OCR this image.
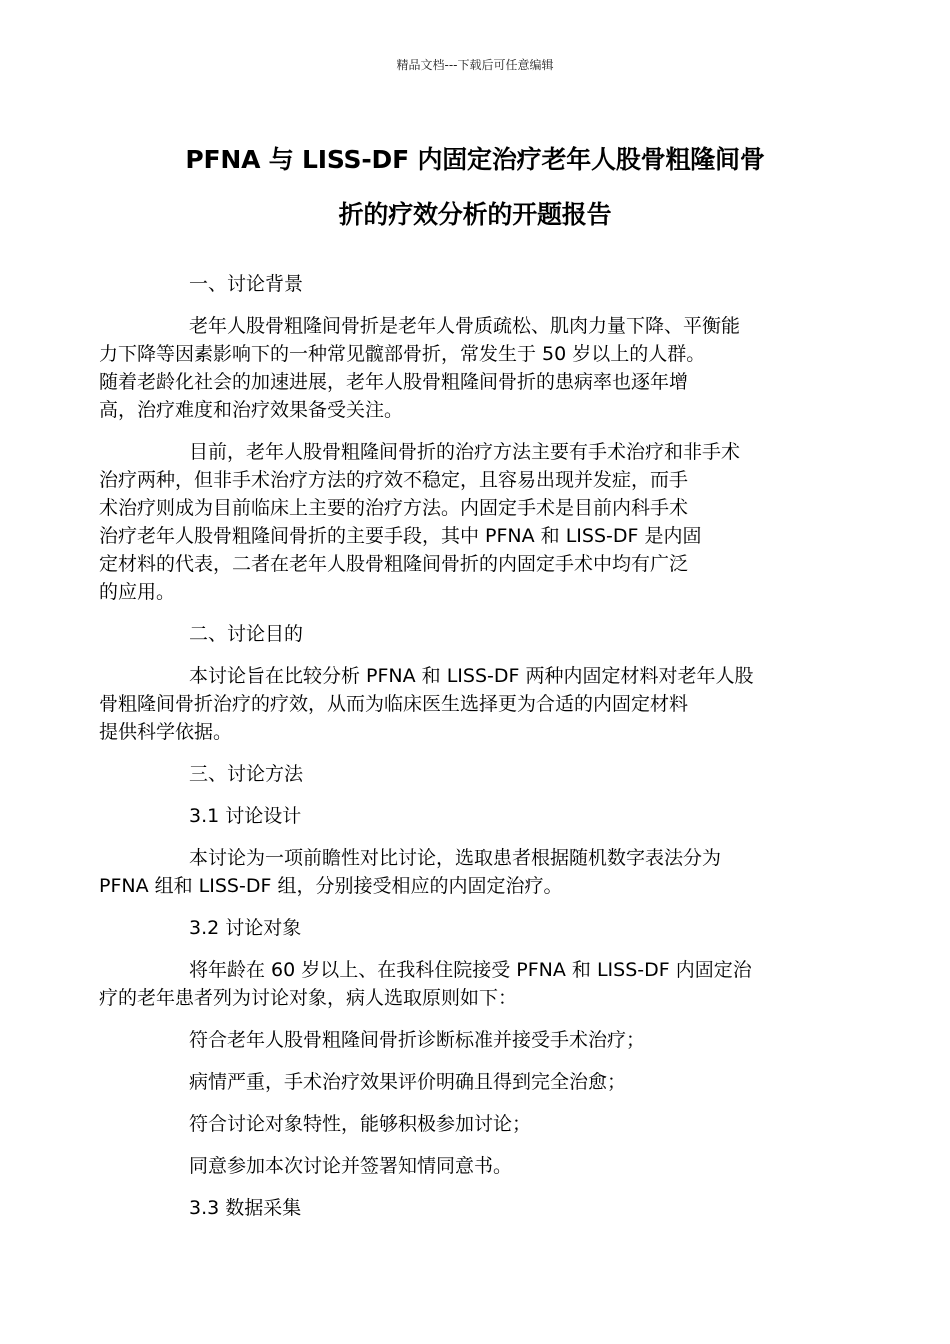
精品文档---下载后可任意编辑
PFNA 与 LISS-DF 内固定治疗老年人股骨粗隆间骨
折的疗效分析的开题报告
一、讨论背景
老年人股骨粗隆间骨折是老年人骨质疏松、肌肉力量下降、平衡能
力下降等因素影响下的一种常见髋部骨折，常发生于 50 岁以上的人群。
随着老龄化社会的加速进展，老年人股骨粗隆间骨折的患病率也逐年增
高，治疗难度和治疗效果备受关注。
目前，老年人股骨粗隆间骨折的治疗方法主要有手术治疗和非手术
治疗两种，但非手术治疗方法的疗效不稳定，且容易出现并发症，而手
术治疗则成为目前临床上主要的治疗方法。内固定手术是目前内科手术
治疗老年人股骨粗隆间骨折的主要手段，其中 PFNA 和 LISS-DF 是内固
定材料的代表，二者在老年人股骨粗隆间骨折的内固定手术中均有广泛
的应用。
二、讨论目的
本讨论旨在比较分析 PFNA 和 LISS-DF 两种内固定材料对老年人股
骨粗隆间骨折治疗的疗效，从而为临床医生选择更为合适的内固定材料
提供科学依据。
三、讨论方法
3.1 讨论设计
本讨论为一项前瞻性对比讨论，选取患者根据随机数字表法分为
PFNA 组和 LISS-DF 组，分别接受相应的内固定治疗。
3.2 讨论对象
将年龄在 60 岁以上、在我科住院接受 PFNA 和 LISS-DF 内固定治
疗的老年患者列为讨论对象，病人选取原则如下：
符合老年人股骨粗隆间骨折诊断标准并接受手术治疗；
病情严重，手术治疗效果评价明确且得到完全治愈；
符合讨论对象特性，能够积极参加讨论；
同意参加本次讨论并签署知情同意书。
3.3 数据采集
